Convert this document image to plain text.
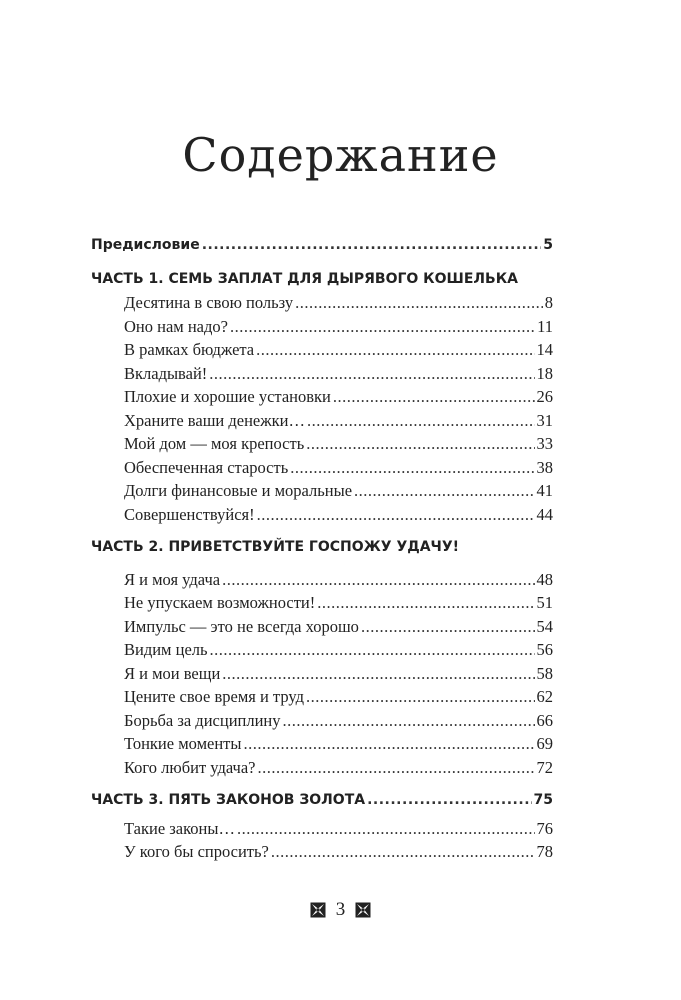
Содержание
Предисловие .....	5
ЧАСТЬ 1. СЕМЬ ЗАПЛАТ ДЛЯ ДЫРЯВОГО КОШЕЛЬКА
Десятина в свою пользу .....	8
Оно нам надо? .....	11
В рамках бюджета .....	14
Вкладывай! .....	18
Плохие и хорошие установки .....	26
Храните ваши денежки… .....	31
Мой дом — моя крепость .....	33
Обеспеченная старость .....	38
Долги финансовые и моральные .....	41
Совершенствуйся! .....	44
ЧАСТЬ 2. ПРИВЕТСТВУЙТЕ ГОСПОЖУ УДАЧУ!
Я и моя удача .....	48
Не упускаем возможности! .....	51
Импульс — это не всегда хорошо .....	54
Видим цель .....	56
Я и мои вещи .....	58
Цените свое время и труд .....	62
Борьба за дисциплину .....	66
Тонкие моменты .....	69
Кого любит удача? .....	72
ЧАСТЬ 3. ПЯТЬ ЗАКОНОВ ЗОЛОТА .....	75
Такие законы… .....	76
У кого бы спросить? .....	78
3
